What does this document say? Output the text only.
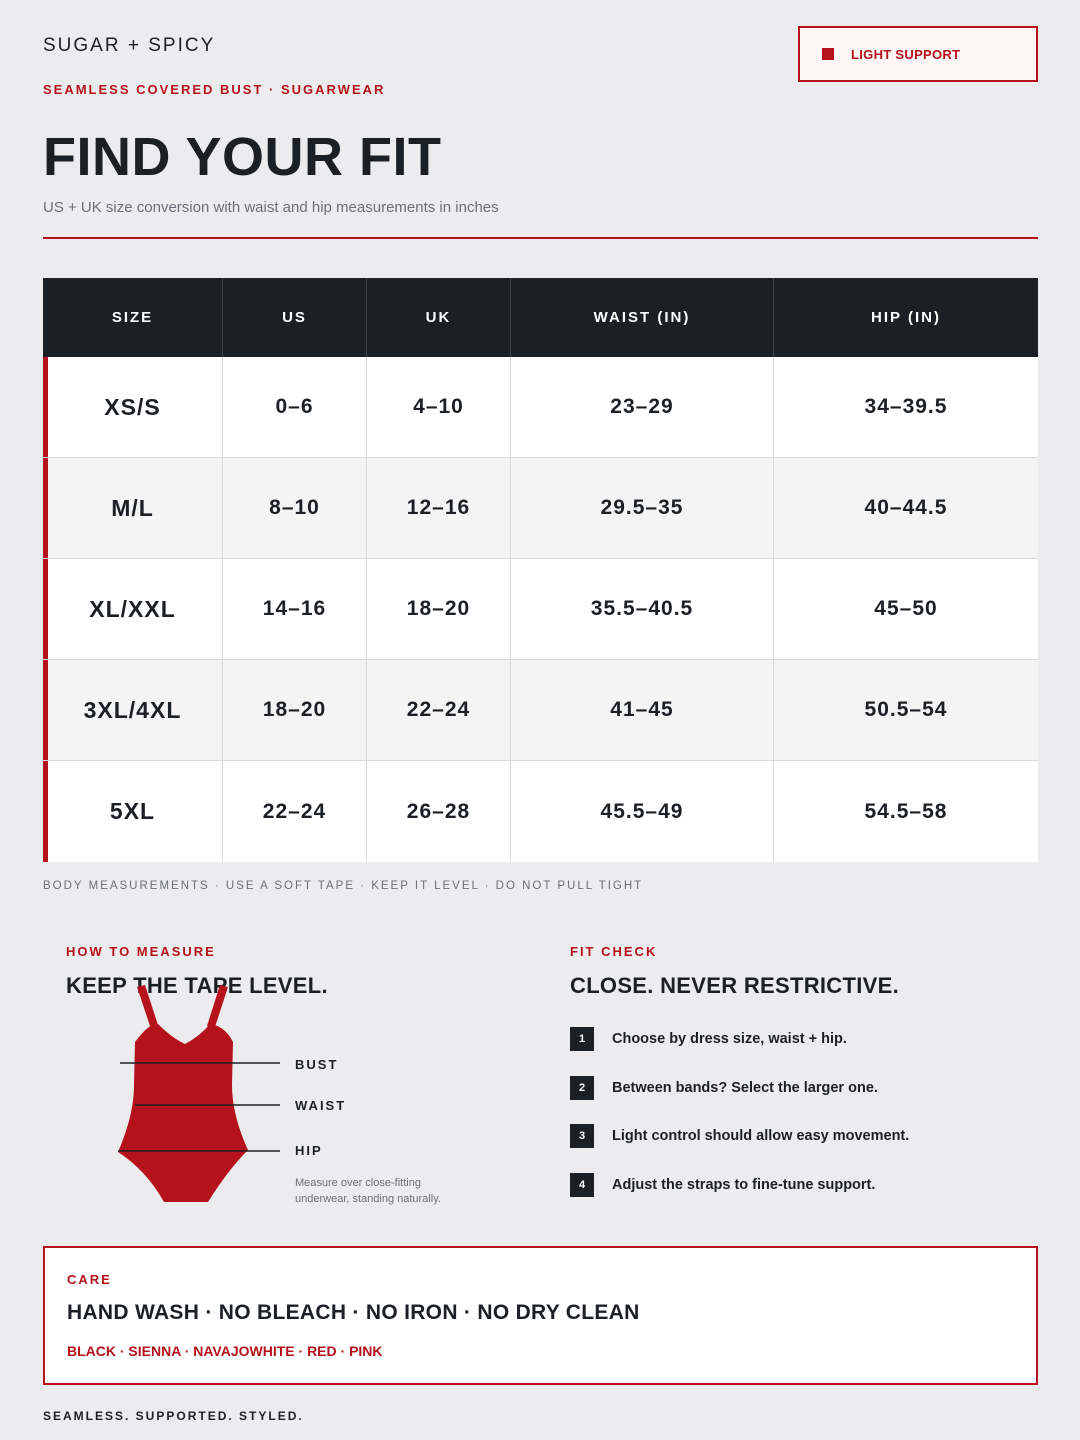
SUGAR + SPICY
SEAMLESS COVERED BUST · SUGARWEAR
LIGHT SUPPORT
FIND YOUR FIT
US + UK size conversion with waist and hip measurements in inches
SIZE	US	UK	WAIST (IN)	HIP (IN)
XS/S	0–6	4–10	23–29	34–39.5
M/L	8–10	12–16	29.5–35	40–44.5
XL/XXL	14–16	18–20	35.5–40.5	45–50
3XL/4XL	18–20	22–24	41–45	50.5–54
5XL	22–24	26–28	45.5–49	54.5–58
BODY MEASUREMENTS · USE A SOFT TAPE · KEEP IT LEVEL · DO NOT PULL TIGHT
HOW TO MEASURE
KEEP THE TAPE LEVEL.
BUST
WAIST
HIP
Measure over close-fitting underwear, standing naturally.
FIT CHECK
CLOSE. NEVER RESTRICTIVE.
1	Choose by dress size, waist + hip.
2	Between bands? Select the larger one.
3	Light control should allow easy movement.
4	Adjust the straps to fine-tune support.
CARE
HAND WASH · NO BLEACH · NO IRON · NO DRY CLEAN
BLACK · SIENNA · NAVAJOWHITE · RED · PINK
SEAMLESS. SUPPORTED. STYLED.
